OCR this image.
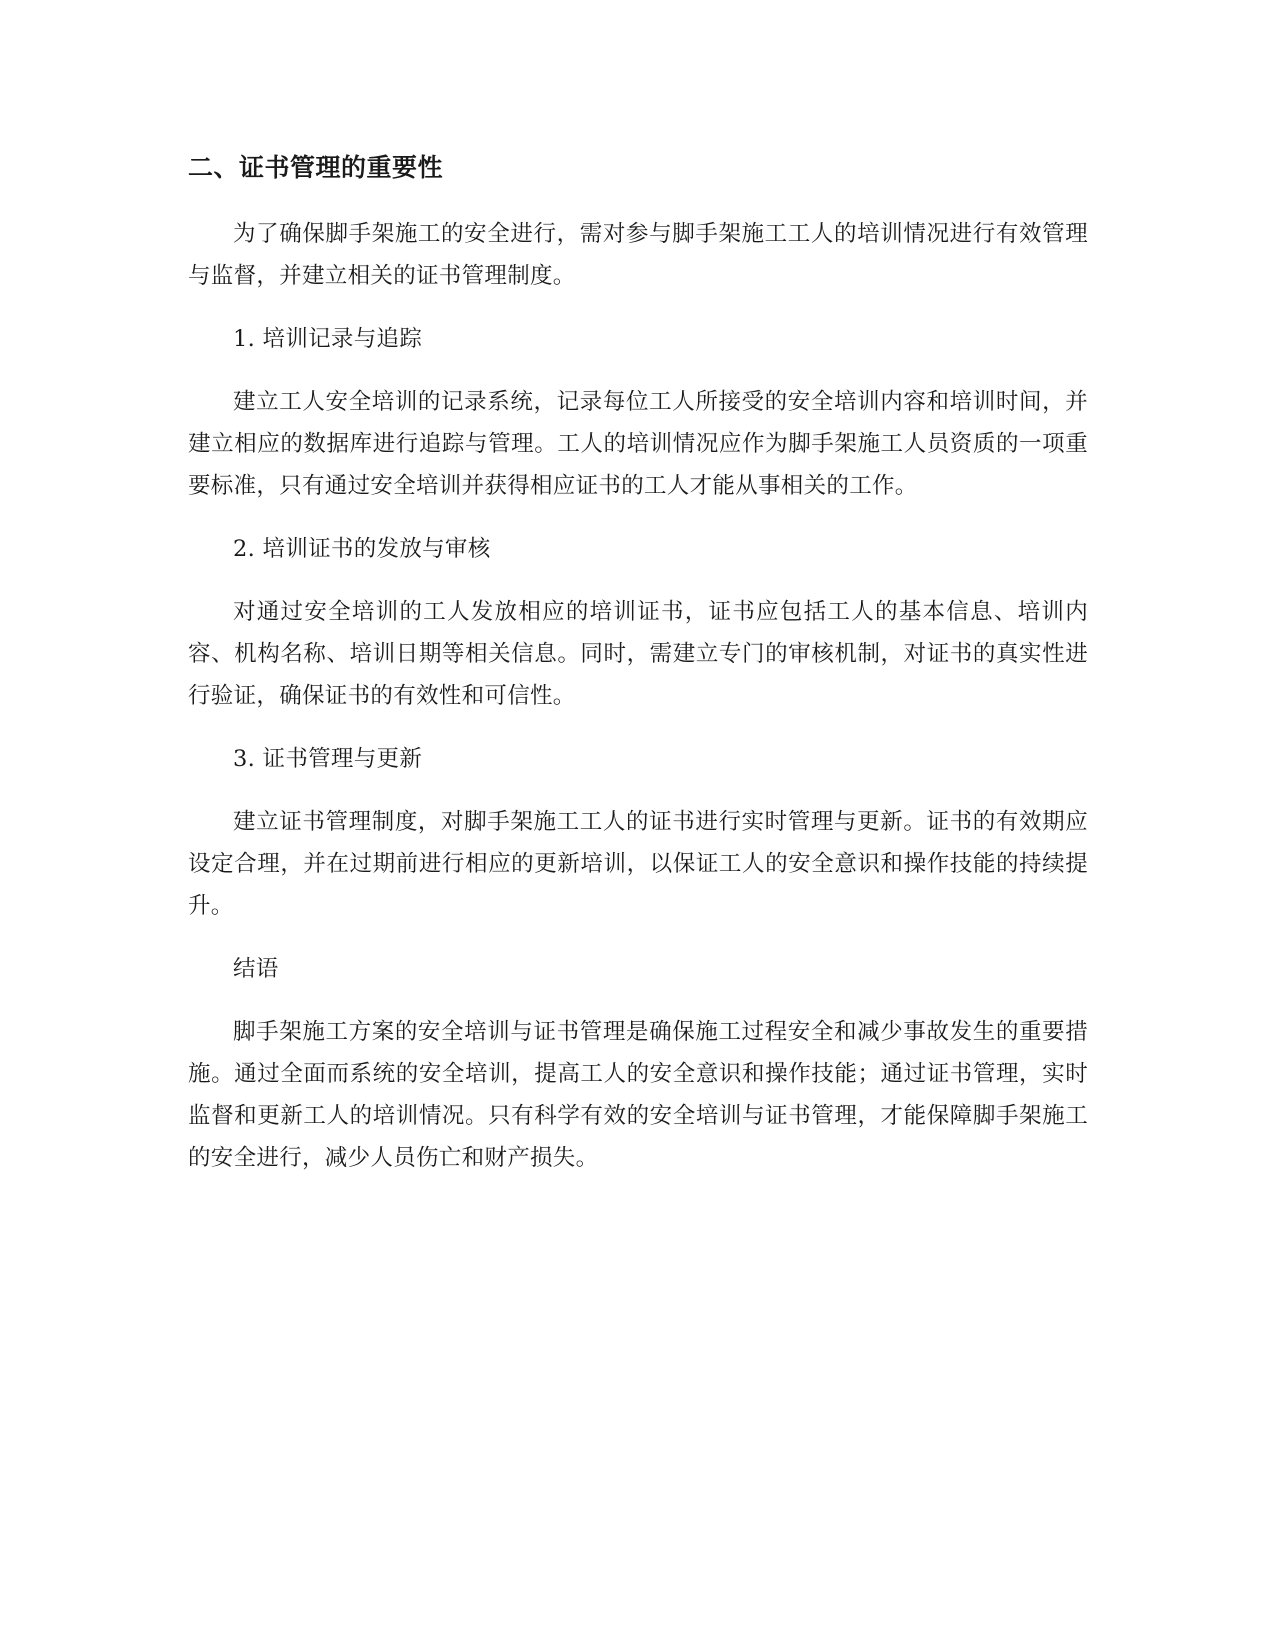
二、证书管理的重要性

为了确保脚手架施工的安全进行，需对参与脚手架施工工人的培训情况进行有效管理与监督，并建立相关的证书管理制度。

1. 培训记录与追踪

建立工人安全培训的记录系统，记录每位工人所接受的安全培训内容和培训时间，并建立相应的数据库进行追踪与管理。工人的培训情况应作为脚手架施工人员资质的一项重要标准，只有通过安全培训并获得相应证书的工人才能从事相关的工作。

2. 培训证书的发放与审核

对通过安全培训的工人发放相应的培训证书，证书应包括工人的基本信息、培训内容、机构名称、培训日期等相关信息。同时，需建立专门的审核机制，对证书的真实性进行验证，确保证书的有效性和可信性。

3. 证书管理与更新

建立证书管理制度，对脚手架施工工人的证书进行实时管理与更新。证书的有效期应设定合理，并在过期前进行相应的更新培训，以保证工人的安全意识和操作技能的持续提升。

结语

脚手架施工方案的安全培训与证书管理是确保施工过程安全和减少事故发生的重要措施。通过全面而系统的安全培训，提高工人的安全意识和操作技能；通过证书管理，实时监督和更新工人的培训情况。只有科学有效的安全培训与证书管理，才能保障脚手架施工的安全进行，减少人员伤亡和财产损失。
